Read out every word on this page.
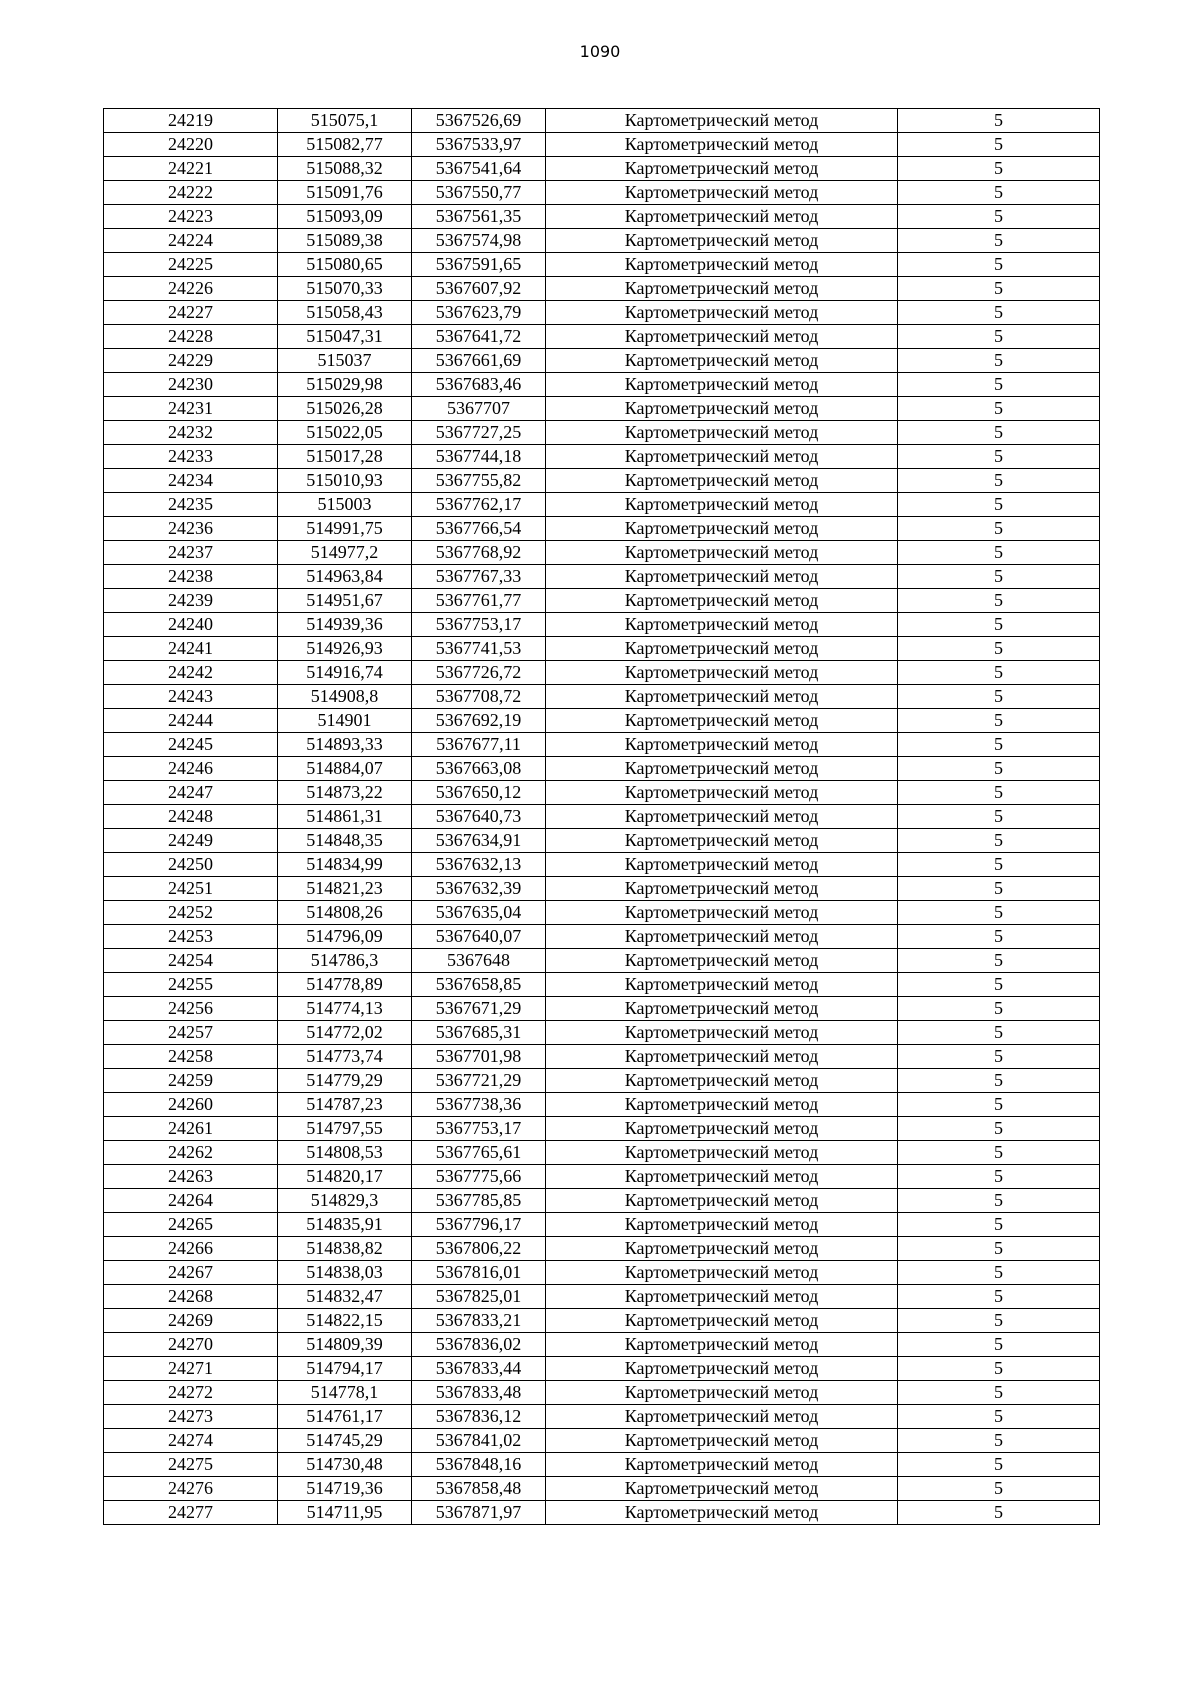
1090
24219	515075,1	5367526,69	Картометрический метод	5
24220	515082,77	5367533,97	Картометрический метод	5
24221	515088,32	5367541,64	Картометрический метод	5
24222	515091,76	5367550,77	Картометрический метод	5
24223	515093,09	5367561,35	Картометрический метод	5
24224	515089,38	5367574,98	Картометрический метод	5
24225	515080,65	5367591,65	Картометрический метод	5
24226	515070,33	5367607,92	Картометрический метод	5
24227	515058,43	5367623,79	Картометрический метод	5
24228	515047,31	5367641,72	Картометрический метод	5
24229	515037	5367661,69	Картометрический метод	5
24230	515029,98	5367683,46	Картометрический метод	5
24231	515026,28	5367707	Картометрический метод	5
24232	515022,05	5367727,25	Картометрический метод	5
24233	515017,28	5367744,18	Картометрический метод	5
24234	515010,93	5367755,82	Картометрический метод	5
24235	515003	5367762,17	Картометрический метод	5
24236	514991,75	5367766,54	Картометрический метод	5
24237	514977,2	5367768,92	Картометрический метод	5
24238	514963,84	5367767,33	Картометрический метод	5
24239	514951,67	5367761,77	Картометрический метод	5
24240	514939,36	5367753,17	Картометрический метод	5
24241	514926,93	5367741,53	Картометрический метод	5
24242	514916,74	5367726,72	Картометрический метод	5
24243	514908,8	5367708,72	Картометрический метод	5
24244	514901	5367692,19	Картометрический метод	5
24245	514893,33	5367677,11	Картометрический метод	5
24246	514884,07	5367663,08	Картометрический метод	5
24247	514873,22	5367650,12	Картометрический метод	5
24248	514861,31	5367640,73	Картометрический метод	5
24249	514848,35	5367634,91	Картометрический метод	5
24250	514834,99	5367632,13	Картометрический метод	5
24251	514821,23	5367632,39	Картометрический метод	5
24252	514808,26	5367635,04	Картометрический метод	5
24253	514796,09	5367640,07	Картометрический метод	5
24254	514786,3	5367648	Картометрический метод	5
24255	514778,89	5367658,85	Картометрический метод	5
24256	514774,13	5367671,29	Картометрический метод	5
24257	514772,02	5367685,31	Картометрический метод	5
24258	514773,74	5367701,98	Картометрический метод	5
24259	514779,29	5367721,29	Картометрический метод	5
24260	514787,23	5367738,36	Картометрический метод	5
24261	514797,55	5367753,17	Картометрический метод	5
24262	514808,53	5367765,61	Картометрический метод	5
24263	514820,17	5367775,66	Картометрический метод	5
24264	514829,3	5367785,85	Картометрический метод	5
24265	514835,91	5367796,17	Картометрический метод	5
24266	514838,82	5367806,22	Картометрический метод	5
24267	514838,03	5367816,01	Картометрический метод	5
24268	514832,47	5367825,01	Картометрический метод	5
24269	514822,15	5367833,21	Картометрический метод	5
24270	514809,39	5367836,02	Картометрический метод	5
24271	514794,17	5367833,44	Картометрический метод	5
24272	514778,1	5367833,48	Картометрический метод	5
24273	514761,17	5367836,12	Картометрический метод	5
24274	514745,29	5367841,02	Картометрический метод	5
24275	514730,48	5367848,16	Картометрический метод	5
24276	514719,36	5367858,48	Картометрический метод	5
24277	514711,95	5367871,97	Картометрический метод	5
